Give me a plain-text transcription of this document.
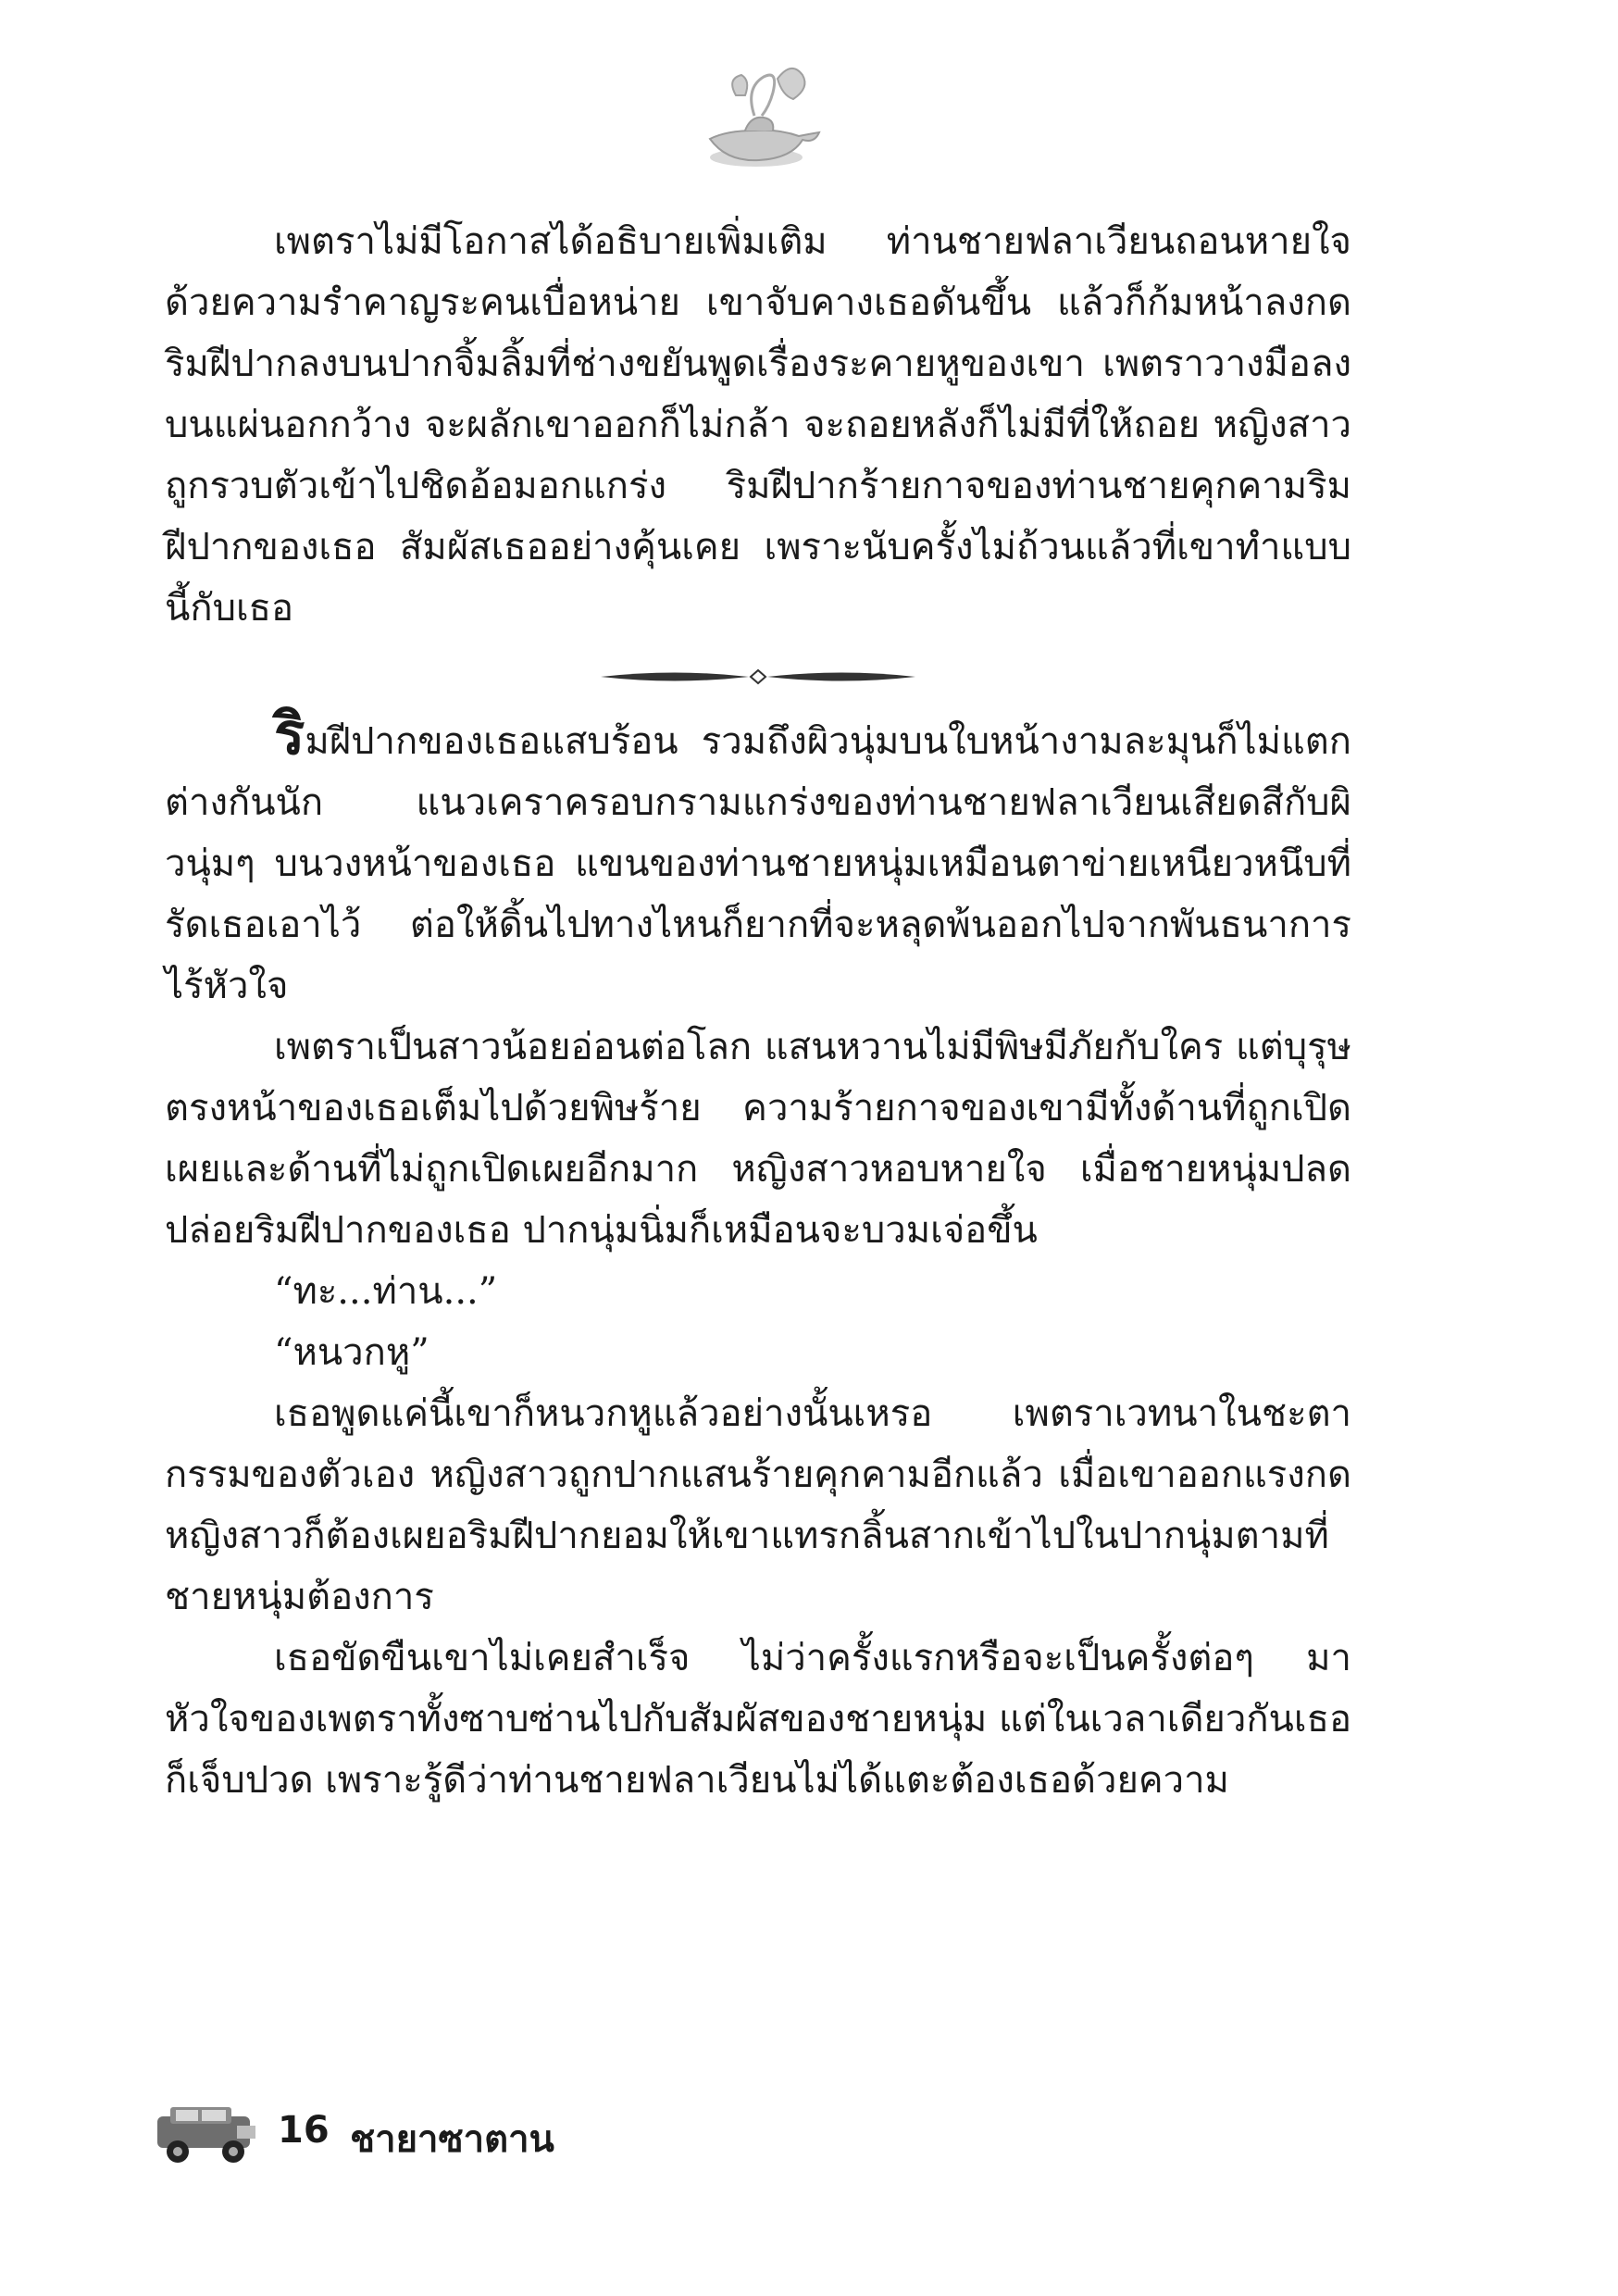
เพตราไม่มีโอกาสได้อธิบายเพิ่มเติม ท่านชายฟลาเวียนถอนหายใจด้วยความรำคาญระคนเบื่อหน่าย เขาจับคางเธอดันขึ้น แล้วก็ก้มหน้าลงกดริมฝีปากลงบนปากจิ้มลิ้มที่ช่างขยันพูดเรื่องระคายหูของเขา เพตราวางมือลงบนแผ่นอกกว้าง จะผลักเขาออกก็ไม่กล้า จะถอยหลังก็ไม่มีที่ให้ถอย หญิงสาวถูกรวบตัวเข้าไปชิดอ้อมอกแกร่ง ริมฝีปากร้ายกาจของท่านชายคุกคามริมฝีปากของเธอ สัมผัสเธออย่างคุ้นเคย เพราะนับครั้งไม่ถ้วนแล้วที่เขาทำแบบนี้กับเธอ

ริมฝีปากของเธอแสบร้อน รวมถึงผิวนุ่มบนใบหน้างามละมุนก็ไม่แตกต่างกันนัก แนวเคราครอบกรามแกร่งของท่านชายฟลาเวียนเสียดสีกับผิวนุ่มๆ บนวงหน้าของเธอ แขนของท่านชายหนุ่มเหมือนตาข่ายเหนียวหนึบที่รัดเธอเอาไว้ ต่อให้ดิ้นไปทางไหนก็ยากที่จะหลุดพ้นออกไปจากพันธนาการไร้หัวใจ

เพตราเป็นสาวน้อยอ่อนต่อโลก แสนหวานไม่มีพิษมีภัยกับใคร แต่บุรุษตรงหน้าของเธอเต็มไปด้วยพิษร้าย ความร้ายกาจของเขามีทั้งด้านที่ถูกเปิดเผยและด้านที่ไม่ถูกเปิดเผยอีกมาก หญิงสาวหอบหายใจ เมื่อชายหนุ่มปลดปล่อยริมฝีปากของเธอ ปากนุ่มนิ่มก็เหมือนจะบวมเจ่อขึ้น

“ทะ...ท่าน...”

“หนวกหู”

เธอพูดแค่นี้เขาก็หนวกหูแล้วอย่างนั้นเหรอ เพตราเวทนาในชะตากรรมของตัวเอง หญิงสาวถูกปากแสนร้ายคุกคามอีกแล้ว เมื่อเขาออกแรงกดหญิงสาวก็ต้องเผยอริมฝีปากยอมให้เขาแทรกลิ้นสากเข้าไปในปากนุ่มตามที่ชายหนุ่มต้องการ

เธอขัดขืนเขาไม่เคยสำเร็จ ไม่ว่าครั้งแรกหรือจะเป็นครั้งต่อๆ มาหัวใจของเพตราทั้งซาบซ่านไปกับสัมผัสของชายหนุ่ม แต่ในเวลาเดียวกันเธอก็เจ็บปวด เพราะรู้ดีว่าท่านชายฟลาเวียนไม่ได้แตะต้องเธอด้วยความ

16 ชายาซาตาน
